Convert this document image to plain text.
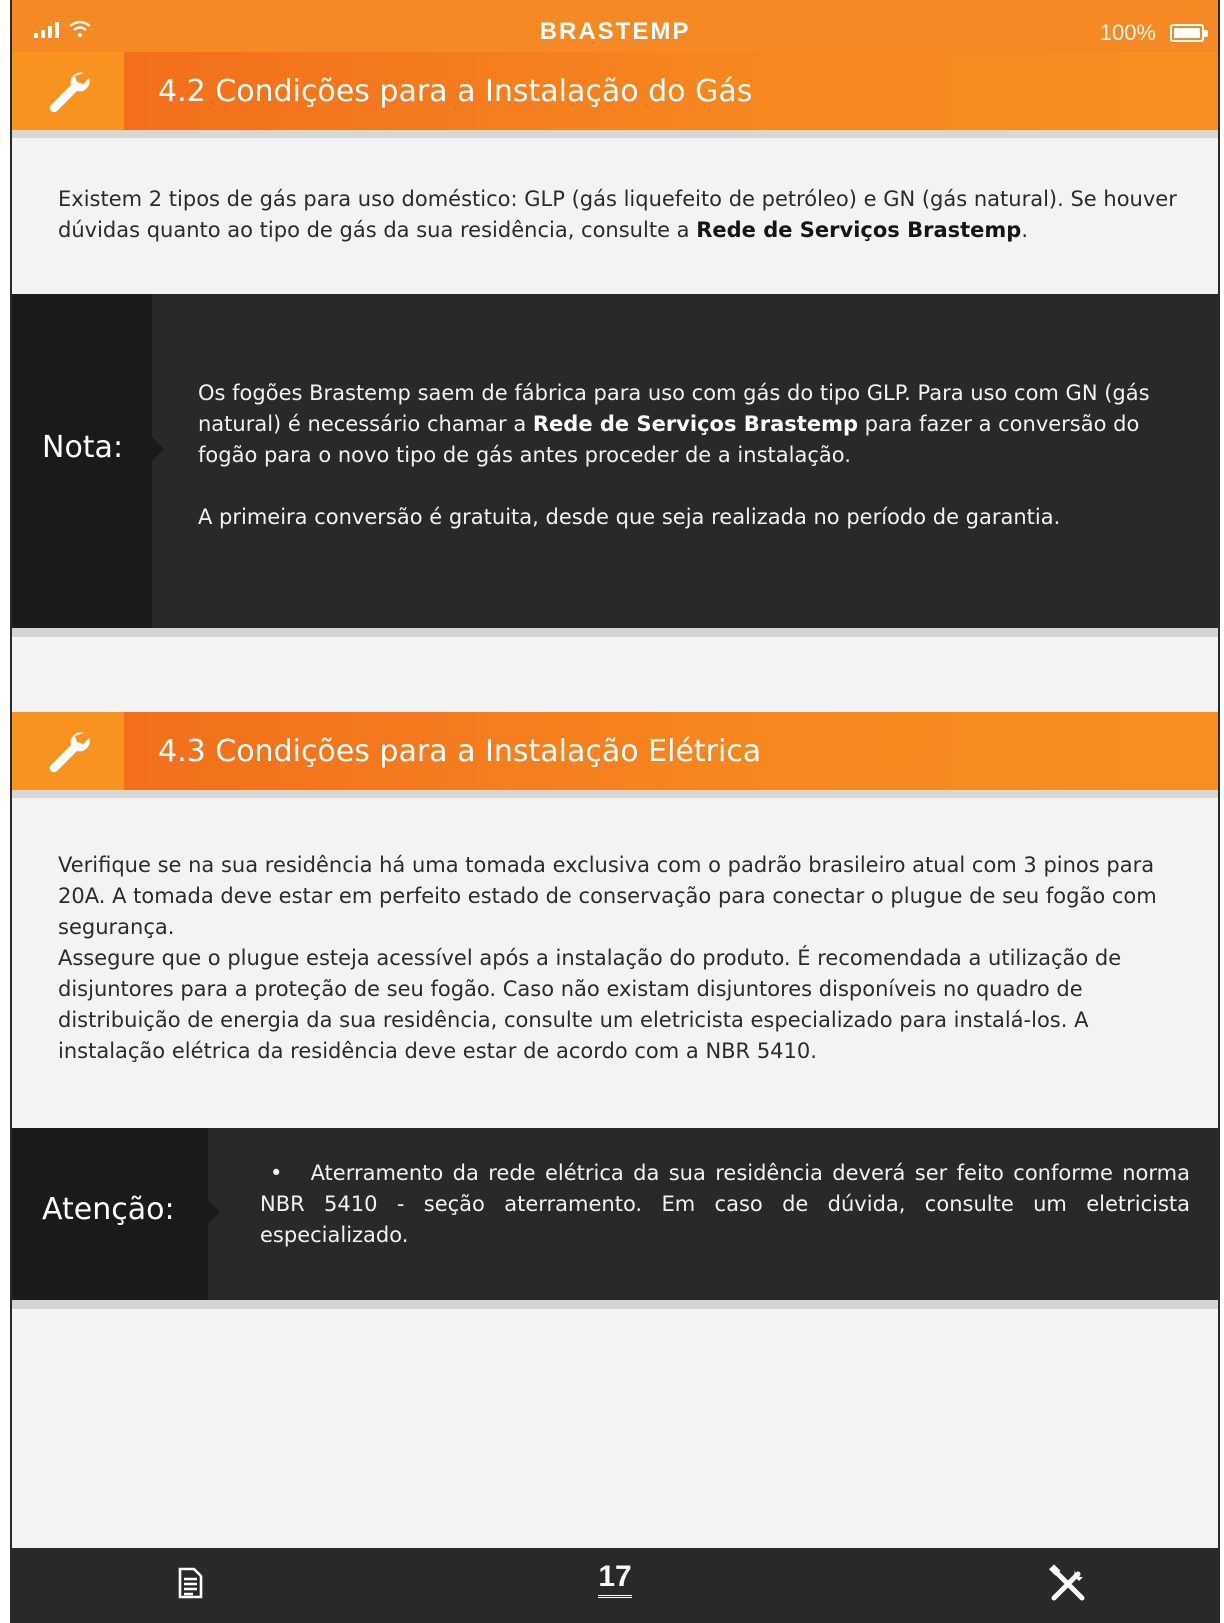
BRASTEMP	100%
4.2 Condições para a Instalação do Gás

Existem 2 tipos de gás para uso doméstico: GLP (gás liquefeito de petróleo) e GN (gás natural). Se houver dúvidas quanto ao tipo de gás da sua residência, consulte a Rede de Serviços Brastemp.

Nota:

Os fogões Brastemp saem de fábrica para uso com gás do tipo GLP. Para uso com GN (gás natural) é necessário chamar a Rede de Serviços Brastemp para fazer a conversão do fogão para o novo tipo de gás antes proceder de a instalação.

A primeira conversão é gratuita, desde que seja realizada no período de garantia.

4.3 Condições para a Instalação Elétrica

Verifique se na sua residência há uma tomada exclusiva com o padrão brasileiro atual com 3 pinos para 20A. A tomada deve estar em perfeito estado de conservação para conectar o plugue de seu fogão com segurança.

Assegure que o plugue esteja acessível após a instalação do produto. É recomendada a utilização de disjuntores para a proteção de seu fogão. Caso não existam disjuntores disponíveis no quadro de distribuição de energia da sua residência, consulte um eletricista especializado para instalá-los. A instalação elétrica da residência deve estar de acordo com a NBR 5410.

Atenção:

•   Aterramento da rede elétrica da sua residência deverá ser feito conforme norma NBR 5410 - seção aterramento. Em caso de dúvida, consulte um eletricista especializado.

17
